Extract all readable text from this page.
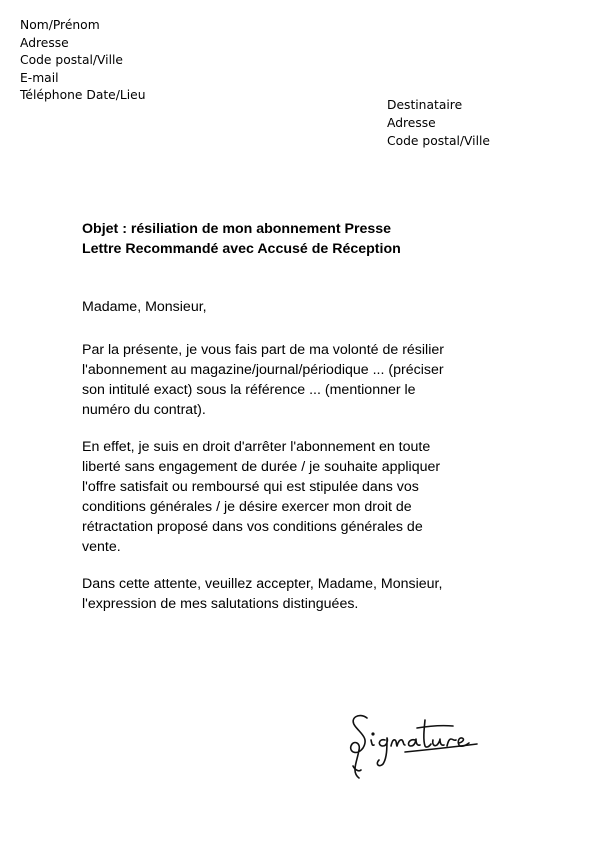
Nom/Prénom
Adresse
Code postal/Ville
E-mail
Téléphone Date/Lieu
Destinataire
Adresse
Code postal/Ville
Objet : résiliation de mon abonnement Presse
Lettre Recommandé avec Accusé de Réception

Madame, Monsieur,

Par la présente, je vous fais part de ma volonté de résilier
l'abonnement au magazine/journal/périodique ... (préciser
son intitulé exact) sous la référence ... (mentionner le
numéro du contrat).

En effet, je suis en droit d'arrêter l'abonnement en toute
liberté sans engagement de durée / je souhaite appliquer
l'offre satisfait ou remboursé qui est stipulée dans vos
conditions générales / je désire exercer mon droit de
rétractation proposé dans vos conditions générales de
vente.

Dans cette attente, veuillez accepter, Madame, Monsieur,
l'expression de mes salutations distinguées.
